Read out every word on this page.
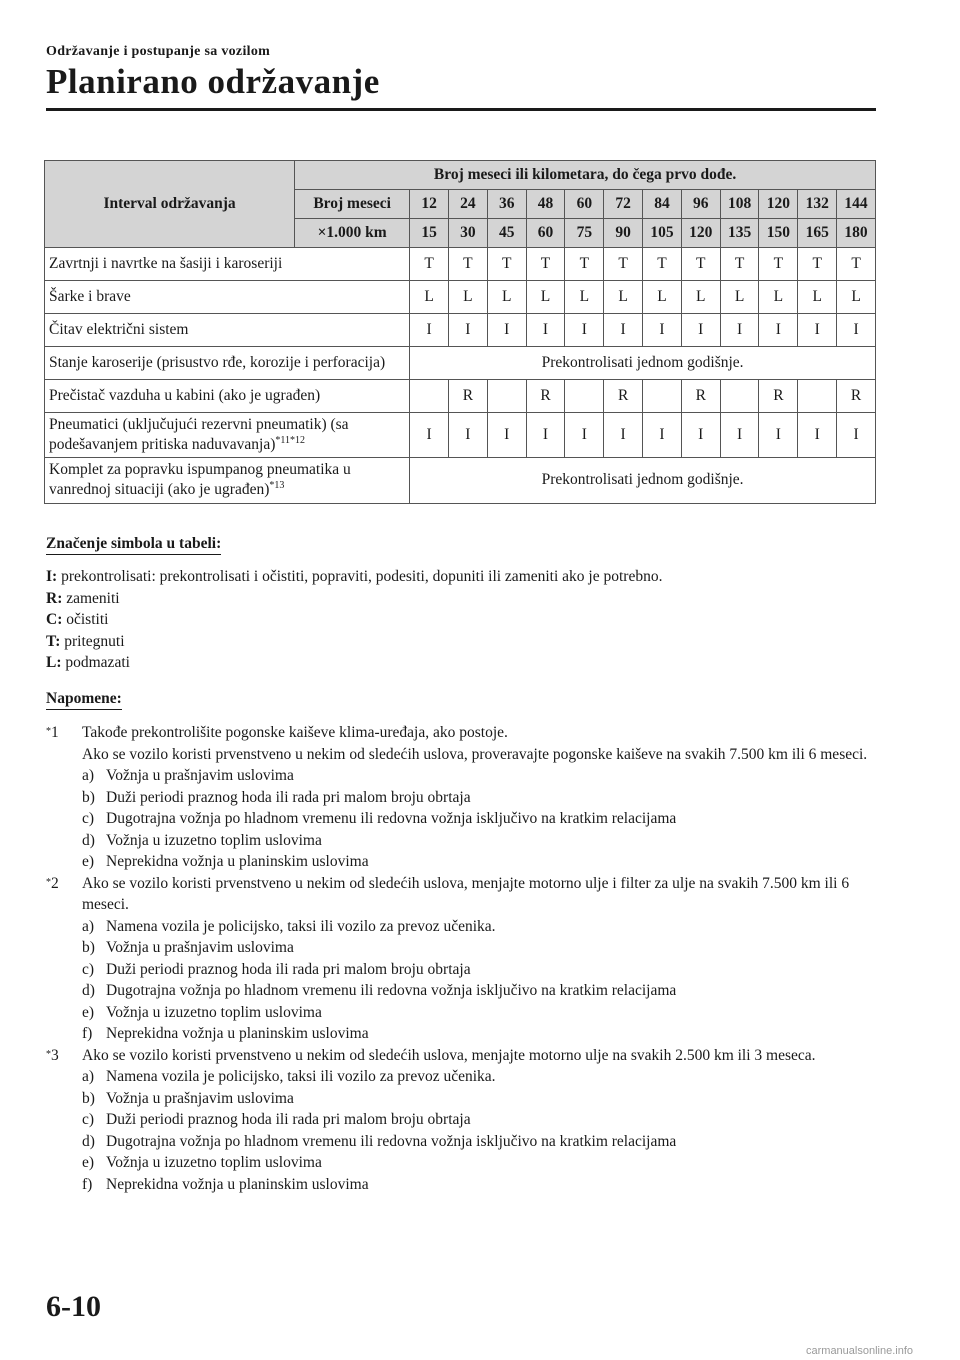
Održavanje i postupanje sa vozilom
Planirano održavanje
Interval održavanja	Broj meseci ili kilometara, do čega prvo dođe.												
	Broj meseci	12	24	36	48	60	72	84	96	108	120	132	144
	×1.000 km	15	30	45	60	75	90	105	120	135	150	165	180
Zavrtnji i navrtke na šasiji i karoseriji		T	T	T	T	T	T	T	T	T	T	T	T
Šarke i brave		L	L	L	L	L	L	L	L	L	L	L	L
Čitav električni sistem		I	I	I	I	I	I	I	I	I	I	I	I
Stanje karoserije (prisustvo rđe, korozije i perforacija)		Prekontrolisati jednom godišnje.											
Prečistač vazduha u kabini (ako je ugrađen)			R		R		R		R		R		R
Pneumatici (uključujući rezervni pneumatik) (sa podešavanjem pritiska naduvavanja)$^{*11*12}$		I	I	I	I	I	I	I	I	I	I	I	I
Komplet za popravku ispumpanog pneumatika u vanrednoj situaciji (ako je ugrađen)$^{*13}$		Prekontrolisati jednom godišnje.											
Značenje simbola u tabeli:
I: prekontrolisati: prekontrolisati i očistiti, popraviti, podesiti, dopuniti ili zameniti ako je potrebno.
R: zameniti
C: očistiti
T: pritegnuti
L: podmazati
Napomene:
*1 Takođe prekontrolišite pogonske kaiševe klima-uređaja, ako postoje.
Ako se vozilo koristi prvenstveno u nekim od sledećih uslova, proveravajte pogonske kaiševe na svakih 7.500 km ili 6 meseci.
a) Vožnja u prašnjavim uslovima
b) Duži periodi praznog hoda ili rada pri malom broju obrtaja
c) Dugotrajna vožnja po hladnom vremenu ili redovna vožnja isključivo na kratkim relacijama
d) Vožnja u izuzetno toplim uslovima
e) Neprekidna vožnja u planinskim uslovima
*2 Ako se vozilo koristi prvenstveno u nekim od sledećih uslova, menjajte motorno ulje i filter za ulje na svakih 7.500 km ili 6 meseci.
a) Namena vozila je policijsko, taksi ili vozilo za prevoz učenika.
b) Vožnja u prašnjavim uslovima
c) Duži periodi praznog hoda ili rada pri malom broju obrtaja
d) Dugotrajna vožnja po hladnom vremenu ili redovna vožnja isključivo na kratkim relacijama
e) Vožnja u izuzetno toplim uslovima
f) Neprekidna vožnja u planinskim uslovima
*3 Ako se vozilo koristi prvenstveno u nekim od sledećih uslova, menjajte motorno ulje na svakih 2.500 km ili 3 meseca.
a) Namena vozila je policijsko, taksi ili vozilo za prevoz učenika.
b) Vožnja u prašnjavim uslovima
c) Duži periodi praznog hoda ili rada pri malom broju obrtaja
d) Dugotrajna vožnja po hladnom vremenu ili redovna vožnja isključivo na kratkim relacijama
e) Vožnja u izuzetno toplim uslovima
f) Neprekidna vožnja u planinskim uslovima
6-10
carmanualsonline.info
